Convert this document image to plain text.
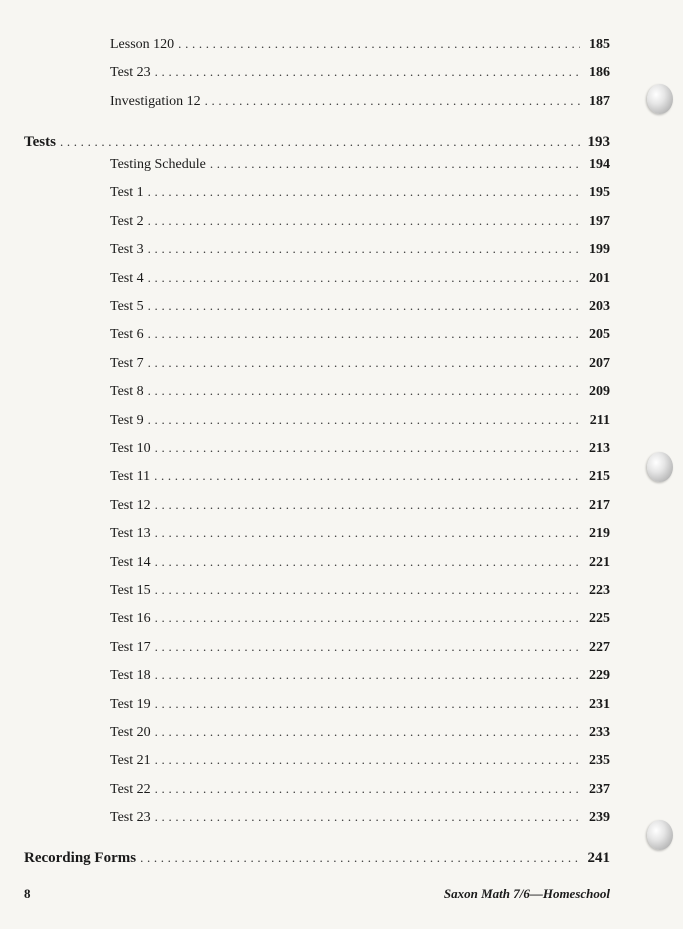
Lesson 120 . . .	185
Test 23 . . .	186
Investigation 12 . . .	187
Tests . . .	193
Testing Schedule . . .	194
Test 1 . . .	195
Test 2 . . .	197
Test 3 . . .	199
Test 4 . . .	201
Test 5 . . .	203
Test 6 . . .	205
Test 7 . . .	207
Test 8 . . .	209
Test 9 . . .	211
Test 10 . . .	213
Test 11 . . .	215
Test 12 . . .	217
Test 13 . . .	219
Test 14 . . .	221
Test 15 . . .	223
Test 16 . . .	225
Test 17 . . .	227
Test 18 . . .	229
Test 19 . . .	231
Test 20 . . .	233
Test 21 . . .	235
Test 22 . . .	237
Test 23 . . .	239
Recording Forms . . .	241
8	Saxon Math 7/6—Homeschool
